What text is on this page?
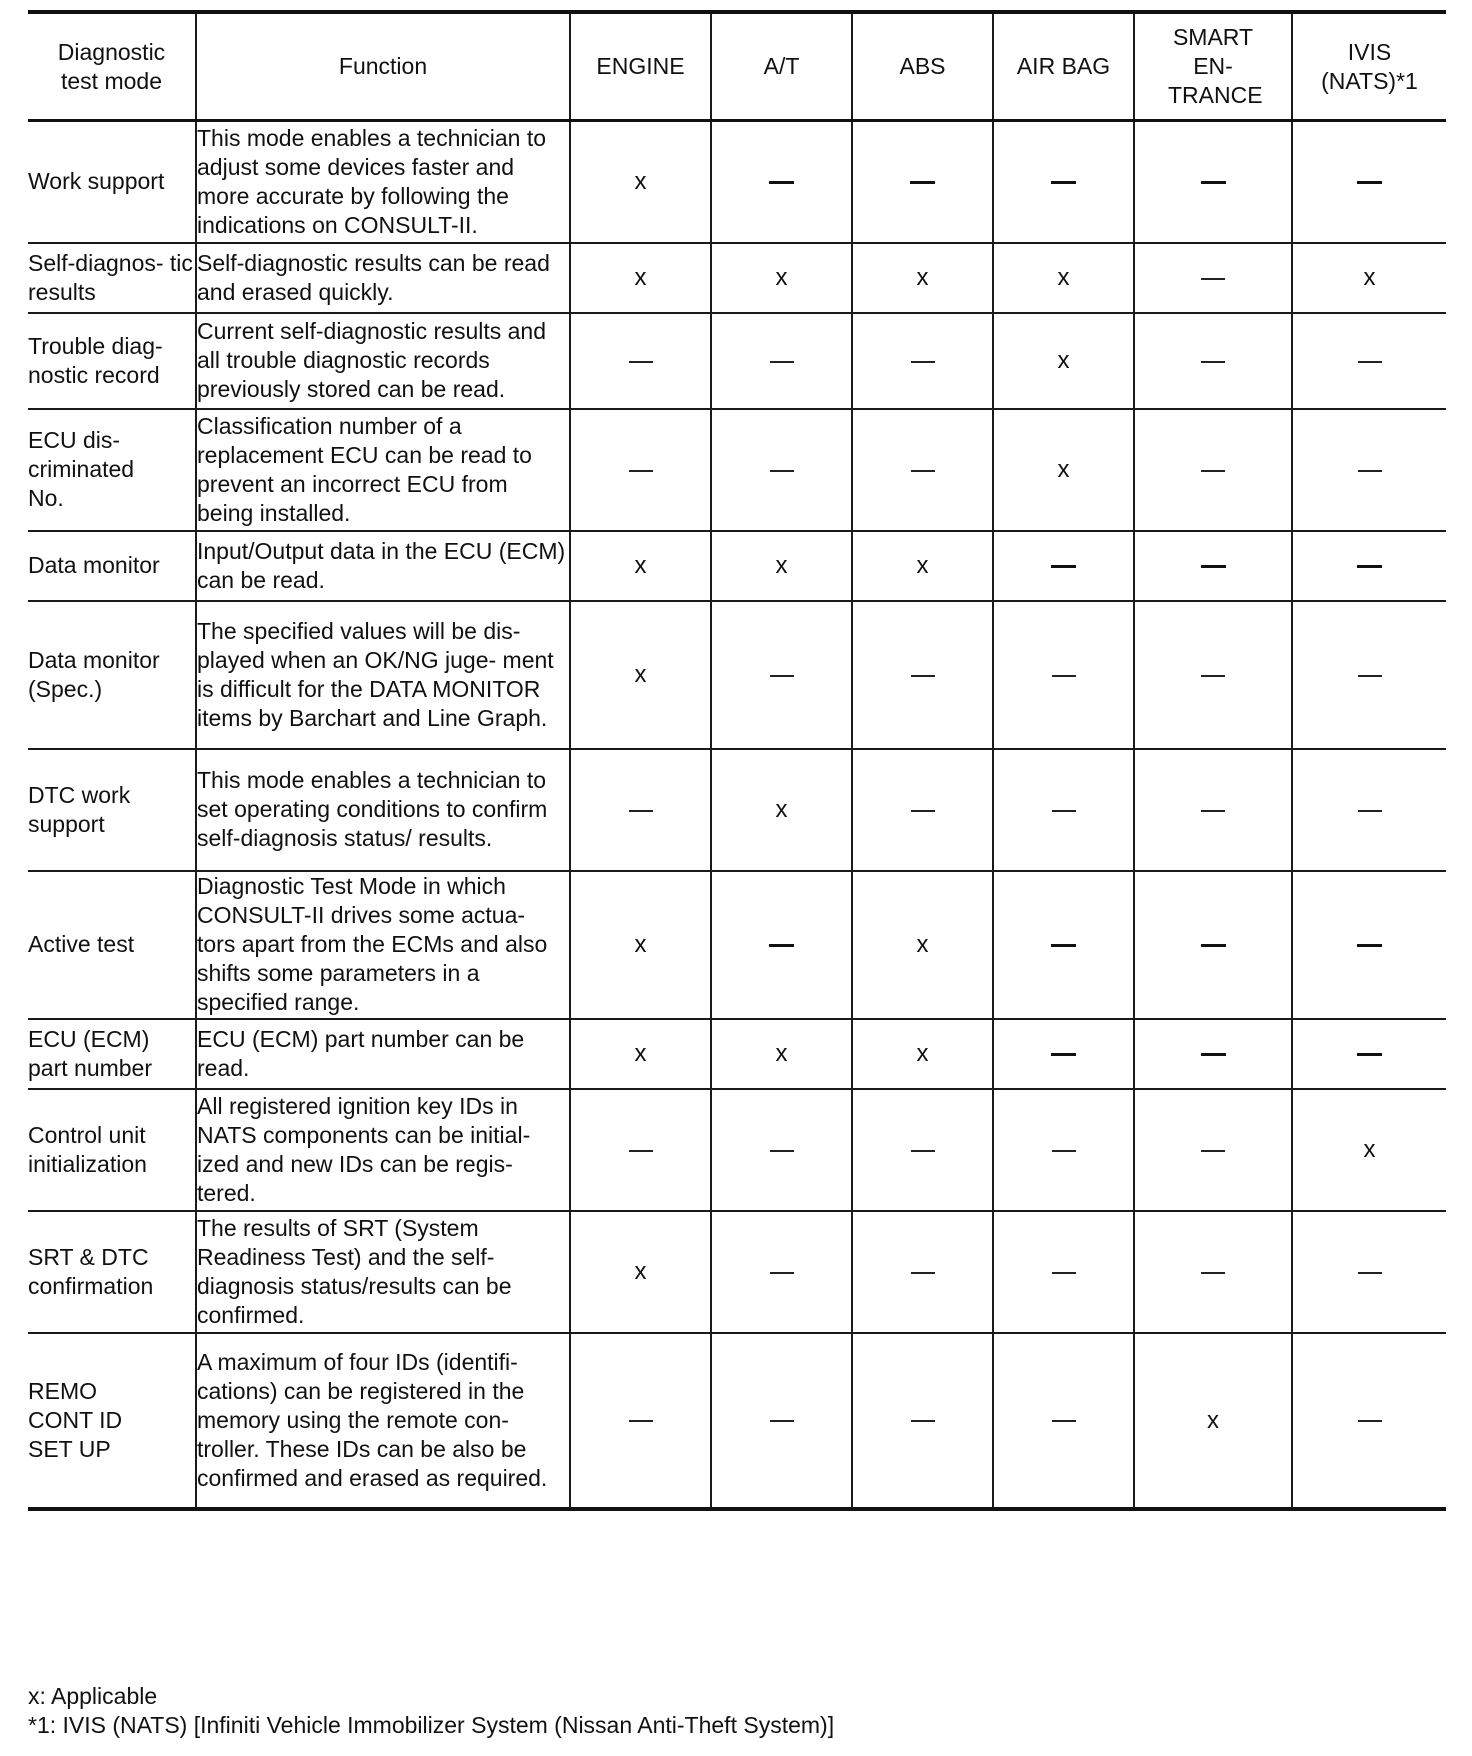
Diagnostic test mode	Function	ENGINE	A/T	ABS	AIR BAG	SMART EN- TRANCE	IVIS (NATS)*1

Work support	This mode enables a technician to adjust some devices faster and more accurate by following the indications on CONSULT-II.	x					
Self-diagnos- tic results	Self-diagnostic results can be read and erased quickly.	x	x	x	x		x
Trouble diag- nostic record	Current self-diagnostic results and all trouble diagnostic records previously stored can be read.				x		
ECU dis- criminated No.	Classification number of a replacement ECU can be read to prevent an incorrect ECU from being installed.				x		
Data monitor	Input/Output data in the ECU (ECM) can be read.	x	x	x			
Data monitor (Spec.)	The specified values will be dis- played when an OK/NG juge- ment is difficult for the DATA MONITOR items by Barchart and Line Graph.	x					
DTC work support	This mode enables a technician to set operating conditions to confirm self-diagnosis status/ results.		x				
Active test	Diagnostic Test Mode in which CONSULT-II drives some actua- tors apart from the ECMs and also shifts some parameters in a specified range.	x		x			
ECU (ECM) part number	ECU (ECM) part number can be read.	x	x	x			
Control unit initialization	All registered ignition key IDs in NATS components can be initial- ized and new IDs can be regis- tered.						x
SRT & DTC confirmation	The results of SRT (System Readiness Test) and the self- diagnosis status/results can be confirmed.	x					
REMO CONT ID SET UP	A maximum of four IDs (identifi- cations) can be registered in the memory using the remote con- troller. These IDs can be also be confirmed and erased as required.					x	
x: Applicable
*1: IVIS (NATS) [Infiniti Vehicle Immobilizer System (Nissan Anti-Theft System)]
